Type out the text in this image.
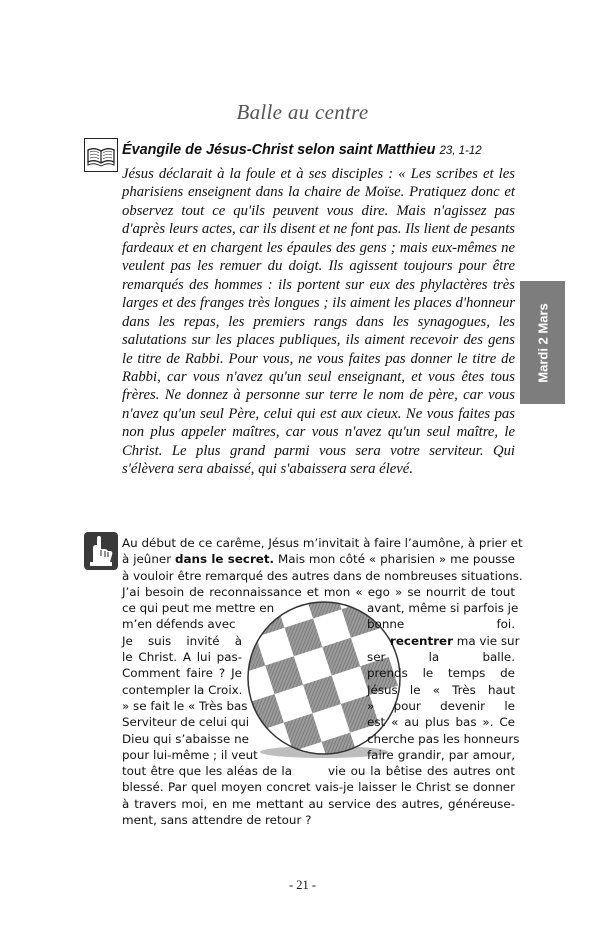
Balle au centre
Évangile de Jésus-Christ selon saint Matthieu 23, 1-12

Jésus déclarait à la foule et à ses disciples : « Les scribes et les pharisiens enseignent dans la chaire de Moïse. Pratiquez donc et observez tout ce qu'ils peuvent vous dire. Mais n'agissez pas d'après leurs actes, car ils disent et ne font pas. Ils lient de pesants fardeaux et en chargent les épaules des gens ; mais eux-mêmes ne veulent pas les remuer du doigt. Ils agissent toujours pour être remarqués des hommes : ils portent sur eux des phylactères très larges et des franges très longues ; ils aiment les places d'honneur dans les repas, les premiers rangs dans les synagogues, les salutations sur les places publiques, ils aiment recevoir des gens le titre de Rabbi. Pour vous, ne vous faites pas donner le titre de Rabbi, car vous n'avez qu'un seul enseignant, et vous êtes tous frères. Ne donnez à personne sur terre le nom de père, car vous n'avez qu'un seul Père, celui qui est aux cieux. Ne vous faites pas non plus appeler maîtres, car vous n'avez qu'un seul maître, le Christ. Le plus grand parmi vous sera votre serviteur. Qui s'élèvera sera abaissé, qui s'abaissera sera élevé.

Mardi 2 Mars
Au début de ce carême, Jésus m’invitait à faire l’aumône, à prier et
à jeûner dans le secret. Mais mon côté « pharisien » me pousse
à vouloir être remarqué des autres dans de nombreuses situations.
J’ai besoin de reconnaissance et mon « ego » se nourrit de tout
ce qui peut me mettre en	avant, même si parfois je
m’en défends avec	bonne foi.
Je suis invité à	recentrer ma vie sur
le Christ. A lui pas-	ser la balle.
Comment faire ? Je	prends le temps de
contempler la Croix.	Jésus le « Très haut
» se fait le « Très bas	» pour devenir le
Serviteur de celui qui	est « au plus bas ». Ce
Dieu qui s’abaisse ne	cherche pas les honneurs
pour lui-même ; il veut	faire grandir, par amour,
tout être que les aléas de la	vie ou la bêtise des autres ont
blessé. Par quel moyen concret vais-je laisser le Christ se donner
à travers moi, en me mettant au service des autres, généreuse-
ment, sans attendre de retour ?
- 21 -
